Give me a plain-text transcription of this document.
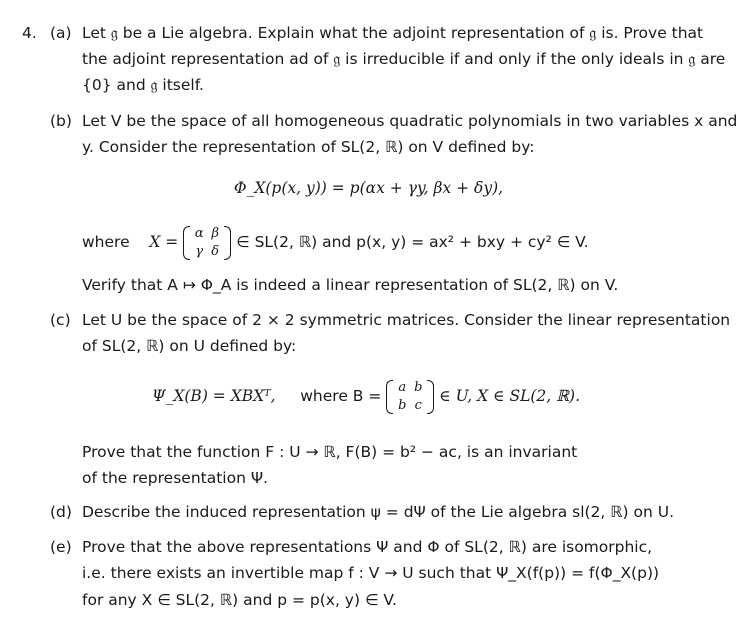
4. (a) Let 𝔤 be a Lie algebra. Explain what the adjoint representation of 𝔤 is. Prove that
the adjoint representation ad of 𝔤 is irreducible if and only if the only ideals in 𝔤 are
{0} and 𝔤 itself.
(b) Let V be the space of all homogeneous quadratic polynomials in two variables x and
y. Consider the representation of SL(2, ℝ) on V defined by:
Φ_X(p(x, y)) = p(αx + γy, βx + δy),
where X = α β
γ δ ∈ SL(2, ℝ) and p(x, y) = ax² + bxy + cy² ∈ V.
Verify that A ↦ Φ_A is indeed a linear representation of SL(2, ℝ) on V.
(c) Let U be the space of 2 × 2 symmetric matrices. Consider the linear representation
of SL(2, ℝ) on U defined by:
Ψ_X(B) = XBXᵀ, where B =	a b
b c ∈ U, X ∈ SL(2, ℝ).
Prove that the function F : U → ℝ, F(B) = b² − ac, is an invariant
of the representation Ψ.
(d) Describe the induced representation ψ = dΨ of the Lie algebra sl(2, ℝ) on U.
(e) Prove that the above representations Ψ and Φ of SL(2, ℝ) are isomorphic,
i.e. there exists an invertible map f : V → U such that Ψ_X(f(p)) = f(Φ_X(p))
for any X ∈ SL(2, ℝ) and p = p(x, y) ∈ V.
